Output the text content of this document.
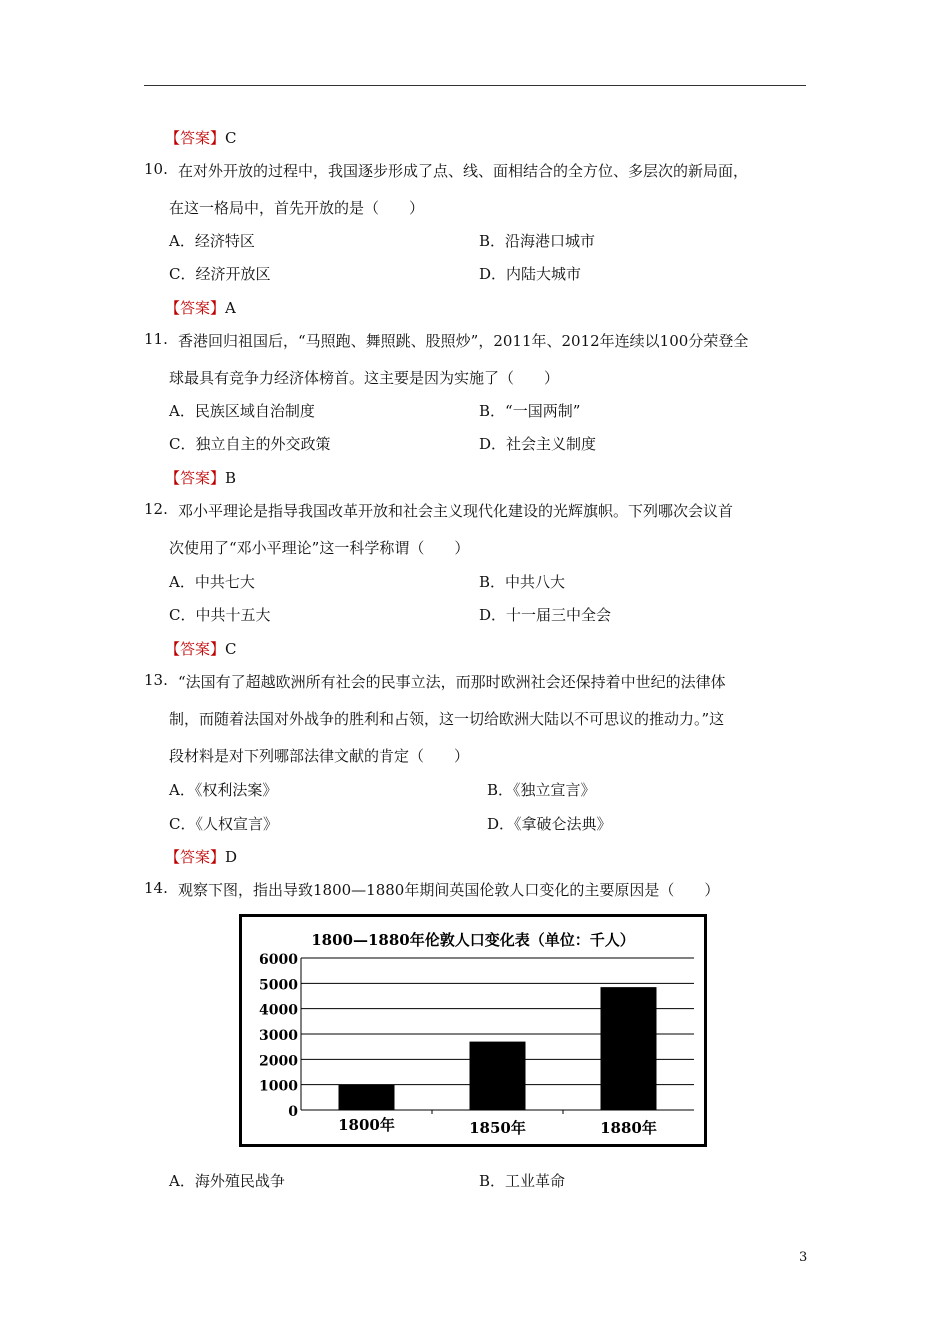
【答案】C
10. 在对外开放的过程中，我国逐步形成了点、线、面相结合的全方位、多层次的新局面，
在这一格局中，首先开放的是（　　）
A．经济特区	B．沿海港口城市
C．经济开放区	D．内陆大城市
【答案】A
11. 香港回归祖国后，“马照跑、舞照跳、股照炒”，2011年、2012年连续以100分荣登全
球最具有竞争力经济体榜首。这主要是因为实施了（　　）
A．民族区域自治制度	B．“一国两制”
C．独立自主的外交政策	D．社会主义制度
【答案】B
12. 邓小平理论是指导我国改革开放和社会主义现代化建设的光辉旗帜。下列哪次会议首
次使用了“邓小平理论”这一科学称谓（　　）
A．中共七大	B．中共八大
C．中共十五大	D．十一届三中全会
【答案】C
13. “法国有了超越欧洲所有社会的民事立法，而那时欧洲社会还保持着中世纪的法律体
制，而随着法国对外战争的胜利和占领，这一切给欧洲大陆以不可思议的推动力。”这
段材料是对下列哪部法律文献的肯定（　　）
A．《权利法案》	B．《独立宣言》
C．《人权宣言》	D．《拿破仑法典》
【答案】D
14. 观察下图，指出导致1800—1880年期间英国伦敦人口变化的主要原因是（　　）
1800—1880年伦敦人口变化表（单位：千人）
0
1000
2000
3000
4000
5000
6000
1800年	1850年	1880年
A．海外殖民战争	B．工业革命
3
